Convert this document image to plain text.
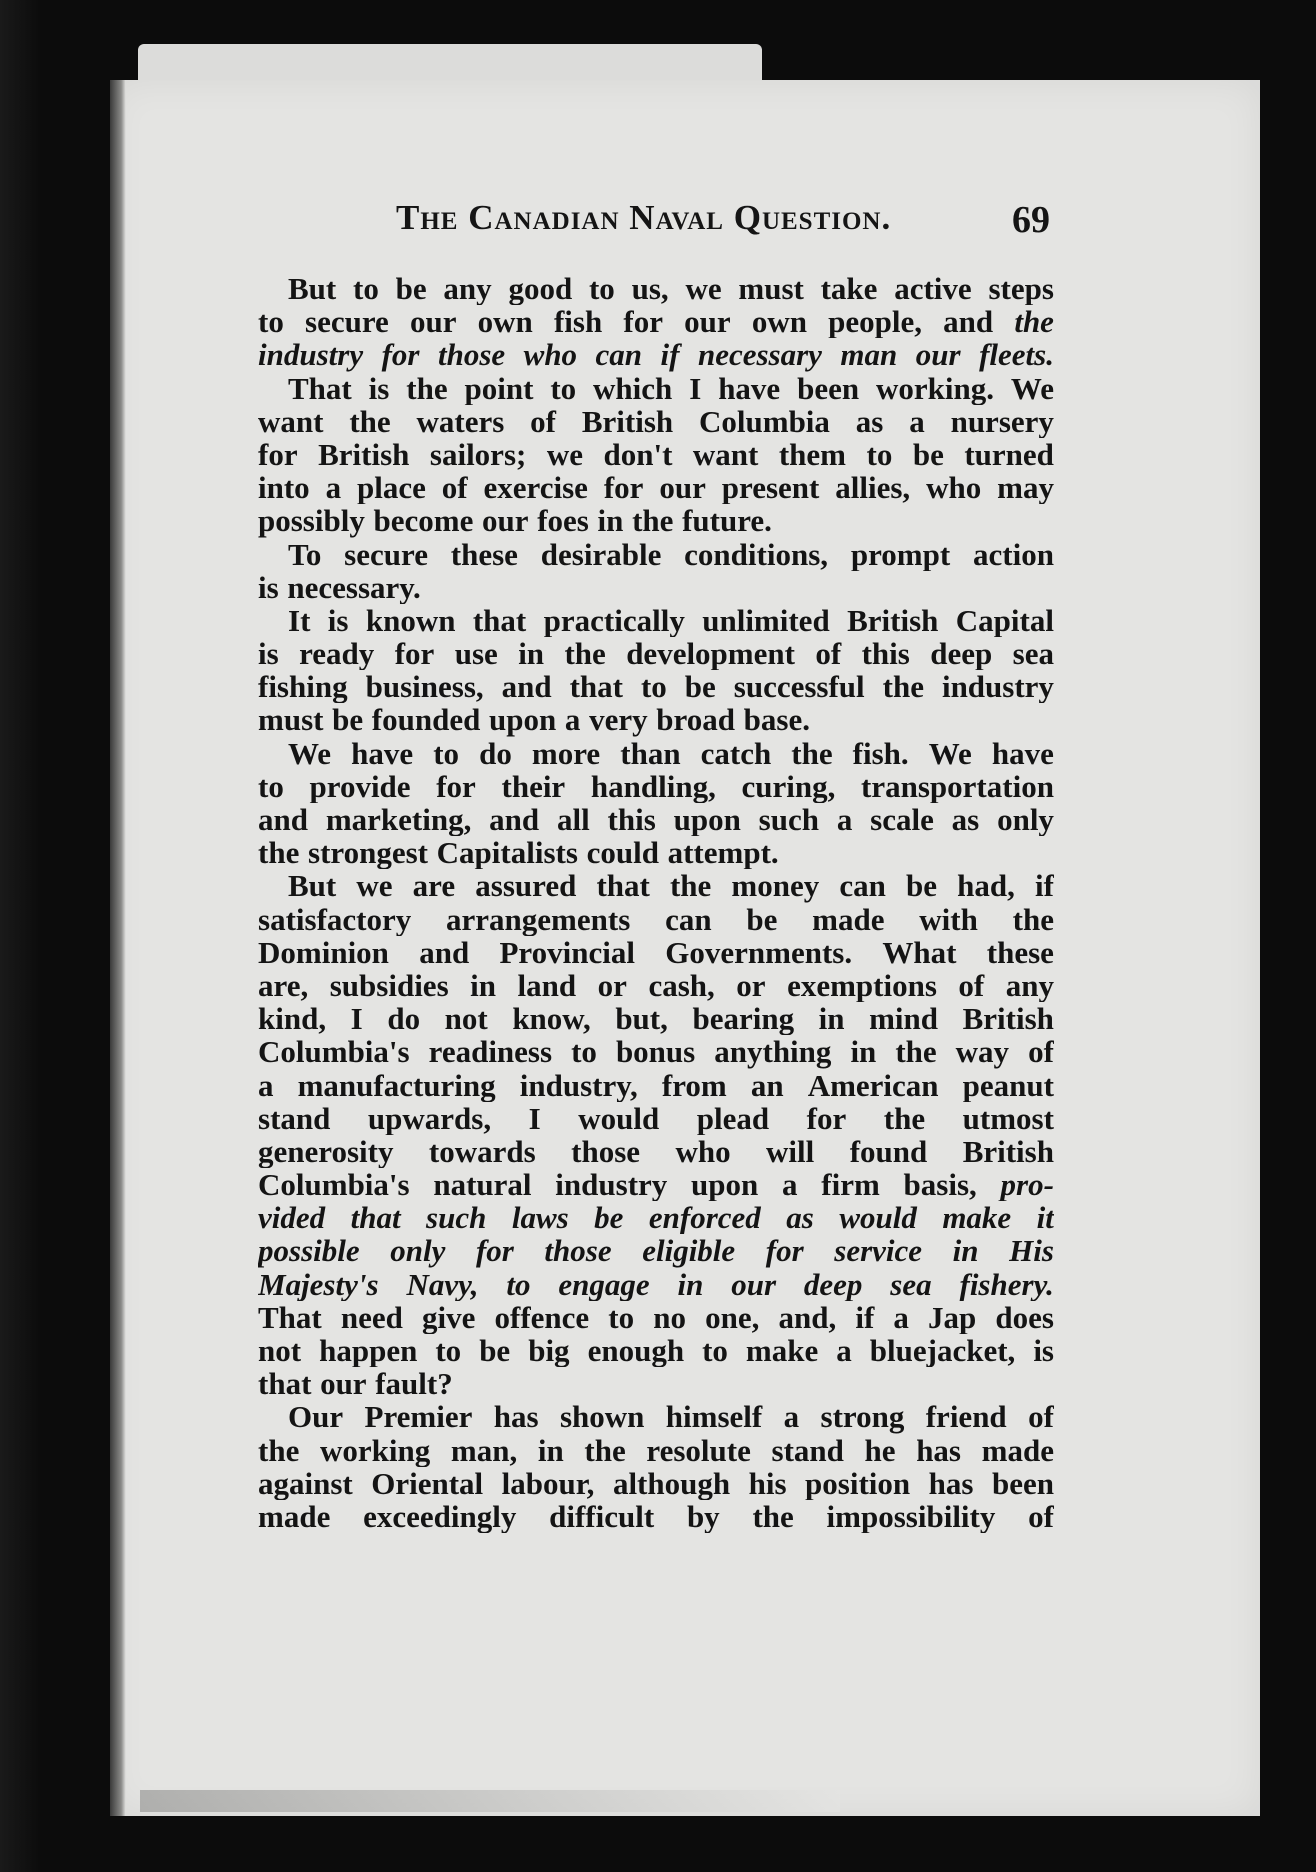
The Canadian Naval Question.	69
But to be any good to us, we must take active steps
to secure our own fish for our own people, and the
industry for those who can if necessary man our fleets.
That is the point to which I have been working. We
want the waters of British Columbia as a nursery
for British sailors; we don't want them to be turned
into a place of exercise for our present allies, who may
possibly become our foes in the future.
To secure these desirable conditions, prompt action
is necessary.
It is known that practically unlimited British Capital
is ready for use in the development of this deep sea
fishing business, and that to be successful the industry
must be founded upon a very broad base.
We have to do more than catch the fish. We have
to provide for their handling, curing, transportation
and marketing, and all this upon such a scale as only
the strongest Capitalists could attempt.
But we are assured that the money can be had, if
satisfactory arrangements can be made with the
Dominion and Provincial Governments. What these
are, subsidies in land or cash, or exemptions of any
kind, I do not know, but, bearing in mind British
Columbia's readiness to bonus anything in the way of
a manufacturing industry, from an American peanut
stand upwards, I would plead for the utmost
generosity towards those who will found British
Columbia's natural industry upon a firm basis, pro-
vided that such laws be enforced as would make it
possible only for those eligible for service in His
Majesty's Navy, to engage in our deep sea fishery.
That need give offence to no one, and, if a Jap does
not happen to be big enough to make a bluejacket, is
that our fault?
Our Premier has shown himself a strong friend of
the working man, in the resolute stand he has made
against Oriental labour, although his position has been
made exceedingly difficult by the impossibility of
